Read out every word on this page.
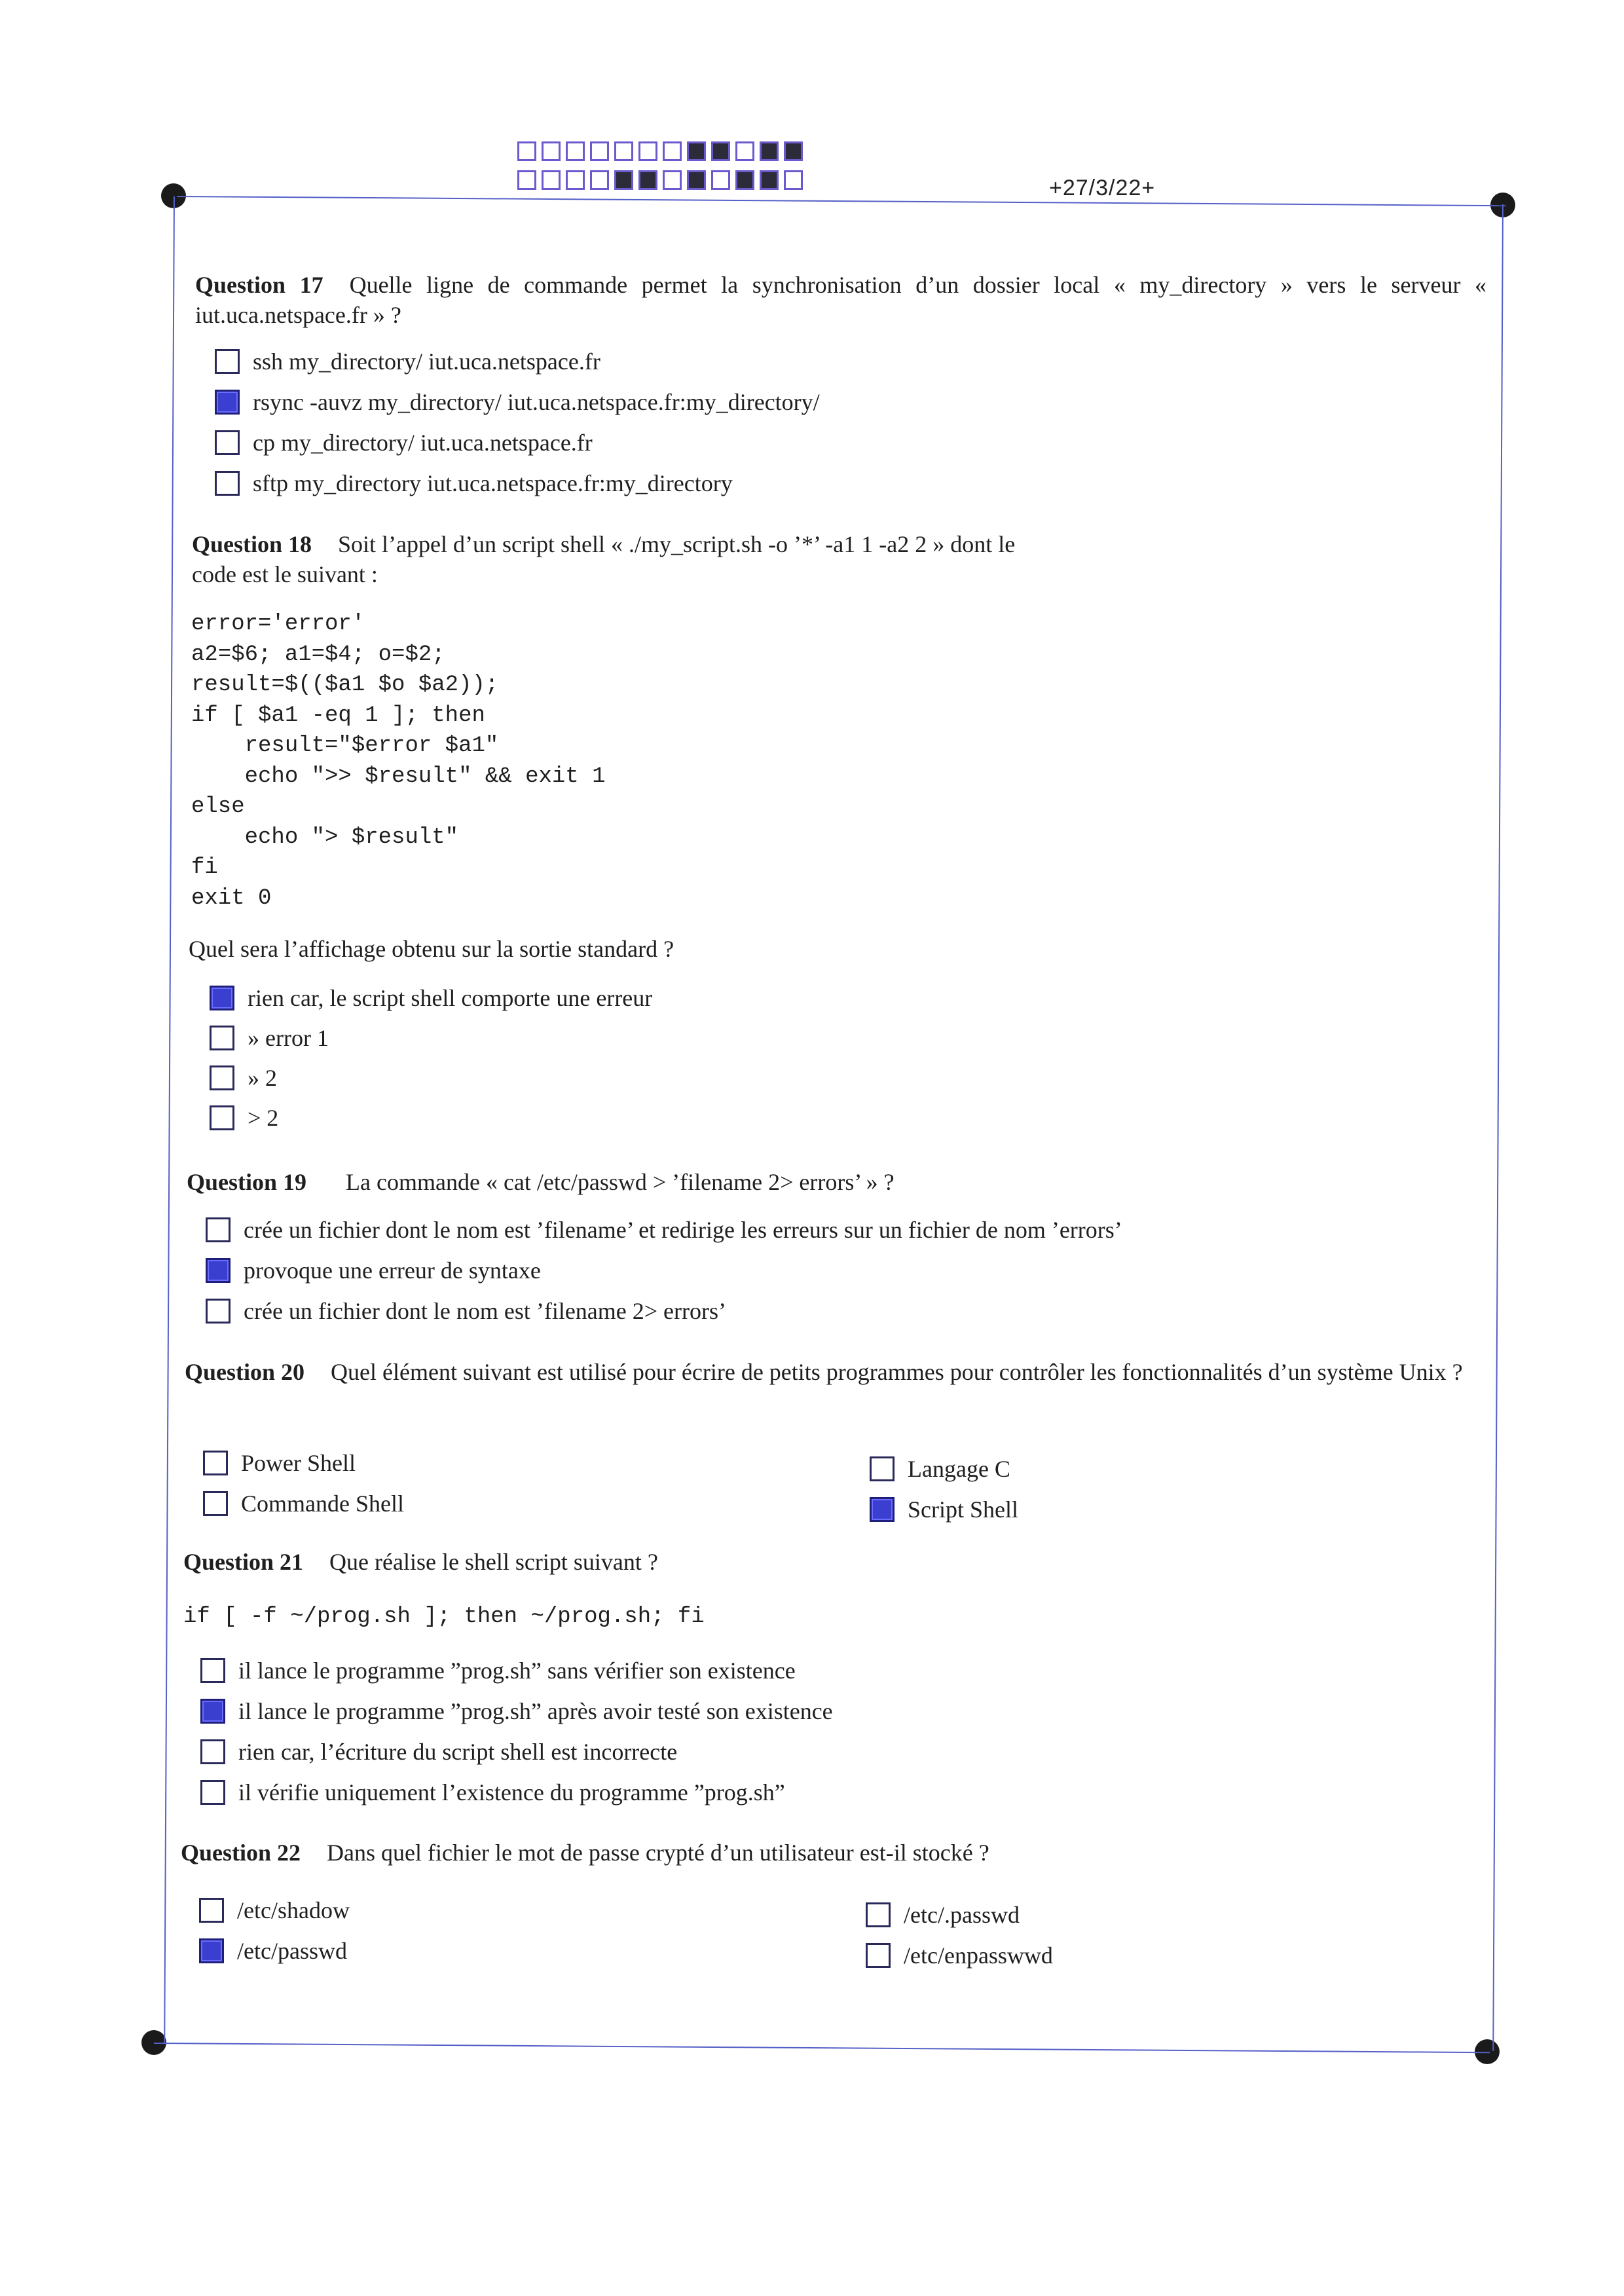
+27/3/22+
Question 17 Quelle ligne de commande permet la synchronisation d’un dossier local « my_directory » vers le serveur « iut.uca.netspace.fr » ?
ssh my_directory/ iut.uca.netspace.fr
rsync -auvz my_directory/ iut.uca.netspace.fr:my_directory/
cp my_directory/ iut.uca.netspace.fr
sftp my_directory iut.uca.netspace.fr:my_directory
Question 18 Soit l’appel d’un script shell « ./my_script.sh -o ’*’ -a1 1 -a2 2 » dont le code est le suivant :
error='error'
a2=$6; a1=$4; o=$2;
result=$(($a1 $o $a2));
if [ $a1 -eq 1 ]; then
result="$error $a1"
echo ">> $result" && exit 1
else
echo "> $result"
fi
exit 0
Quel sera l’affichage obtenu sur la sortie standard ?
rien car, le script shell comporte une erreur
» error 1
» 2
> 2
Question 19 La commande « cat /etc/passwd > ’filename 2> errors’ » ?
crée un fichier dont le nom est ’filename’ et redirige les erreurs sur un fichier de nom ’errors’
provoque une erreur de syntaxe
crée un fichier dont le nom est ’filename 2> errors’
Question 20 Quel élément suivant est utilisé pour écrire de petits programmes pour contrôler les fonctionnalités d’un système Unix ?
Power Shell
Commande Shell
Langage C
Script Shell
Question 21 Que réalise le shell script suivant ?
if [ -f ~/prog.sh ]; then ~/prog.sh; fi
il lance le programme ”prog.sh” sans vérifier son existence
il lance le programme ”prog.sh” après avoir testé son existence
rien car, l’écriture du script shell est incorrecte
il vérifie uniquement l’existence du programme ”prog.sh”
Question 22 Dans quel fichier le mot de passe crypté d’un utilisateur est-il stocké ?
/etc/shadow
/etc/passwd
/etc/.passwd
/etc/enpasswwd
